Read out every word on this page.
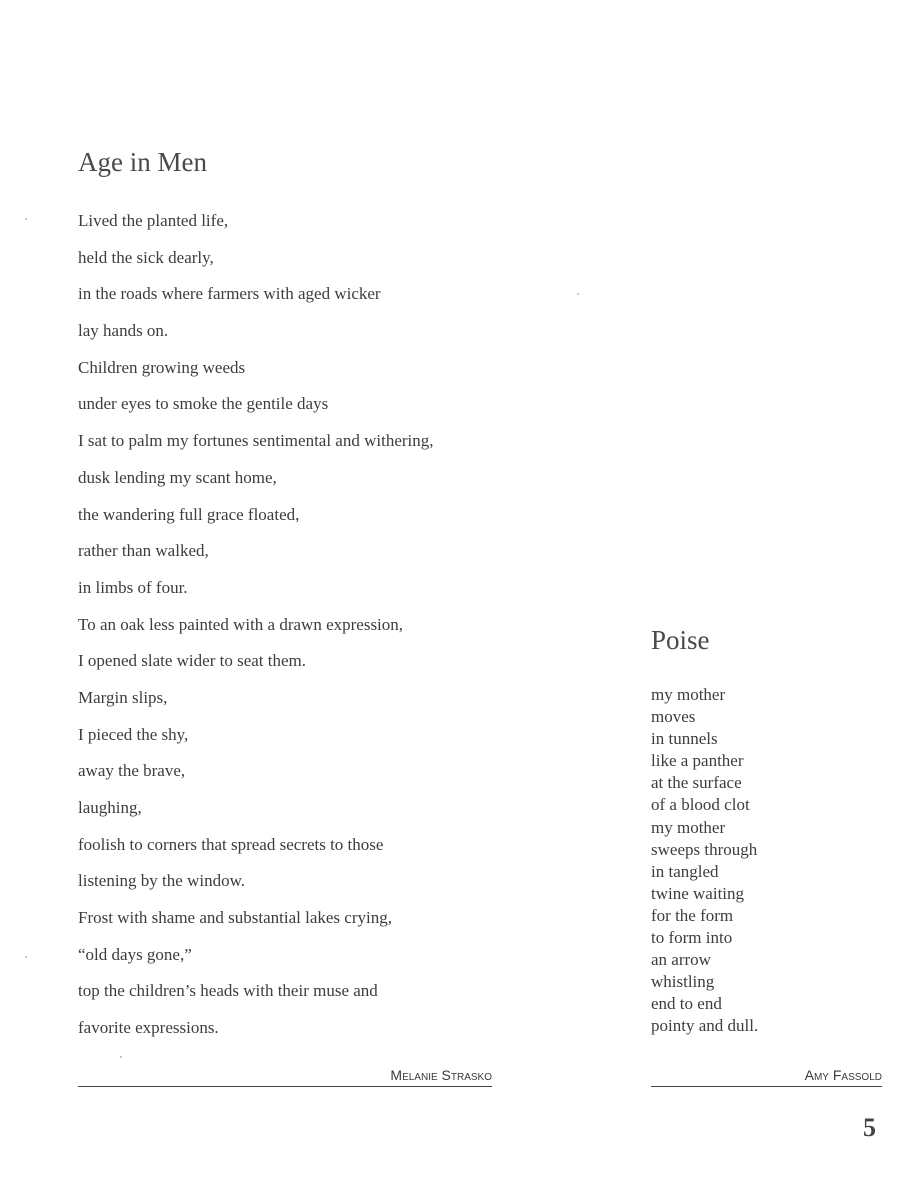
Age in Men
Lived the planted life,
held the sick dearly,
in the roads where farmers with aged wicker
lay hands on.
Children growing weeds
under eyes to smoke the gentile days
I sat to palm my fortunes sentimental and withering,
dusk lending my scant home,
the wandering full grace floated,
rather than walked,
in limbs of four.
To an oak less painted with a drawn expression,
I opened slate wider to seat them.
Margin slips,
I pieced the shy,
away the brave,
laughing,
foolish to corners that spread secrets to those
listening by the window.
Frost with shame and substantial lakes crying,
“old days gone,”
top the children’s heads with their muse and
favorite expressions.
Melanie Strasko
Poise
my mother
moves
in tunnels
like a panther
at the surface
of a blood clot
my mother
sweeps through
in tangled
twine waiting
for the form
to form into
an arrow
whistling
end to end
pointy and dull.
Amy Fassold
5
